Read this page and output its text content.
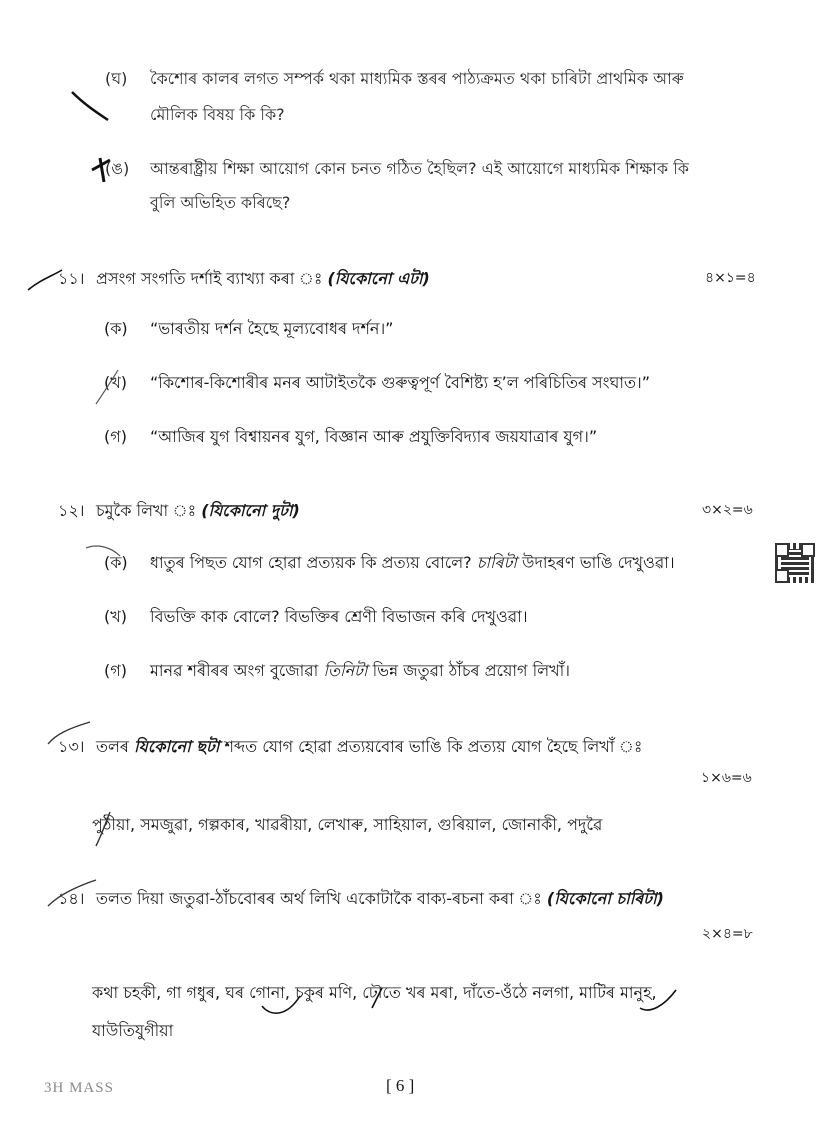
(ঘ) কৈশোৰ কালৰ লগত সম্পৰ্ক থকা মাধ্যমিক স্তৰৰ পাঠ্যক্ৰমত থকা চাৰিটা প্ৰাথমিক আৰু
মৌলিক বিষয় কি কি?
(ঙ) আন্তৰাষ্ট্ৰীয় শিক্ষা আয়োগ কোন চনত গঠিত হৈছিল? এই আয়োগে মাধ্যমিক শিক্ষাক কি
বুলি অভিহিত কৰিছে?
১১। প্ৰসংগ সংগতি দৰ্শাই ব্যাখ্যা কৰা ঃ (যিকোনো এটা)	৪×১=৪
(ক) “ভাৰতীয় দৰ্শন হৈছে মূল্যবোধৰ দৰ্শন।”
(খ) “কিশোৰ-কিশোৰীৰ মনৰ আটাইতকৈ গুৰুত্বপূৰ্ণ বৈশিষ্ট্য হ’ল পৰিচিতিৰ সংঘাত।”
(গ) “আজিৰ যুগ বিশ্বায়নৰ যুগ, বিজ্ঞান আৰু প্ৰযুক্তিবিদ্যাৰ জয়যাত্ৰাৰ যুগ।”
১২। চমুকৈ লিখা ঃ (যিকোনো দুটা)	৩×২=৬
(ক) ধাতুৰ পিছত যোগ হোৱা প্ৰত্যয়ক কি প্ৰত্যয় বোলে? চাৰিটা উদাহৰণ ভাঙি দেখুওৱা।
(খ) বিভক্তি কাক বোলে? বিভক্তিৰ শ্ৰেণী বিভাজন কৰি দেখুওৱা।
(গ) মানৱ শৰীৰৰ অংগ বুজোৱা তিনিটা ভিন্ন জতুৱা ঠাঁচৰ প্ৰয়োগ লিখাঁ।
১৩। তলৰ যিকোনো ছটা শব্দত যোগ হোৱা প্ৰত্যয়বোৰ ভাঙি কি প্ৰত্যয় যোগ হৈছে লিখাঁ ঃ
১×৬=৬
পুঠীয়া, সমজুৱা, গল্পকাৰ, খাৱৰীয়া, লেখাৰু, সাহিয়াল, গুৰিয়াল, জোনাকী, পদুৱৈ
১৪। তলত দিয়া জতুৱা-ঠাঁচবোৰৰ অৰ্থ লিখি একোটাকৈ বাক্য-ৰচনা কৰা ঃ (যিকোনো চাৰিটা)
২×৪=৮
কথা চহকী, গা গধুৰ, ঘৰ গোনা, চকুৰ মণি, ঢৌতে খৰ মৰা, দাঁতে-ওঁঠে নলগা, মাটিৰ মানুহ,
যাউতিযুগীয়া
3H MASS	[ 6 ]
